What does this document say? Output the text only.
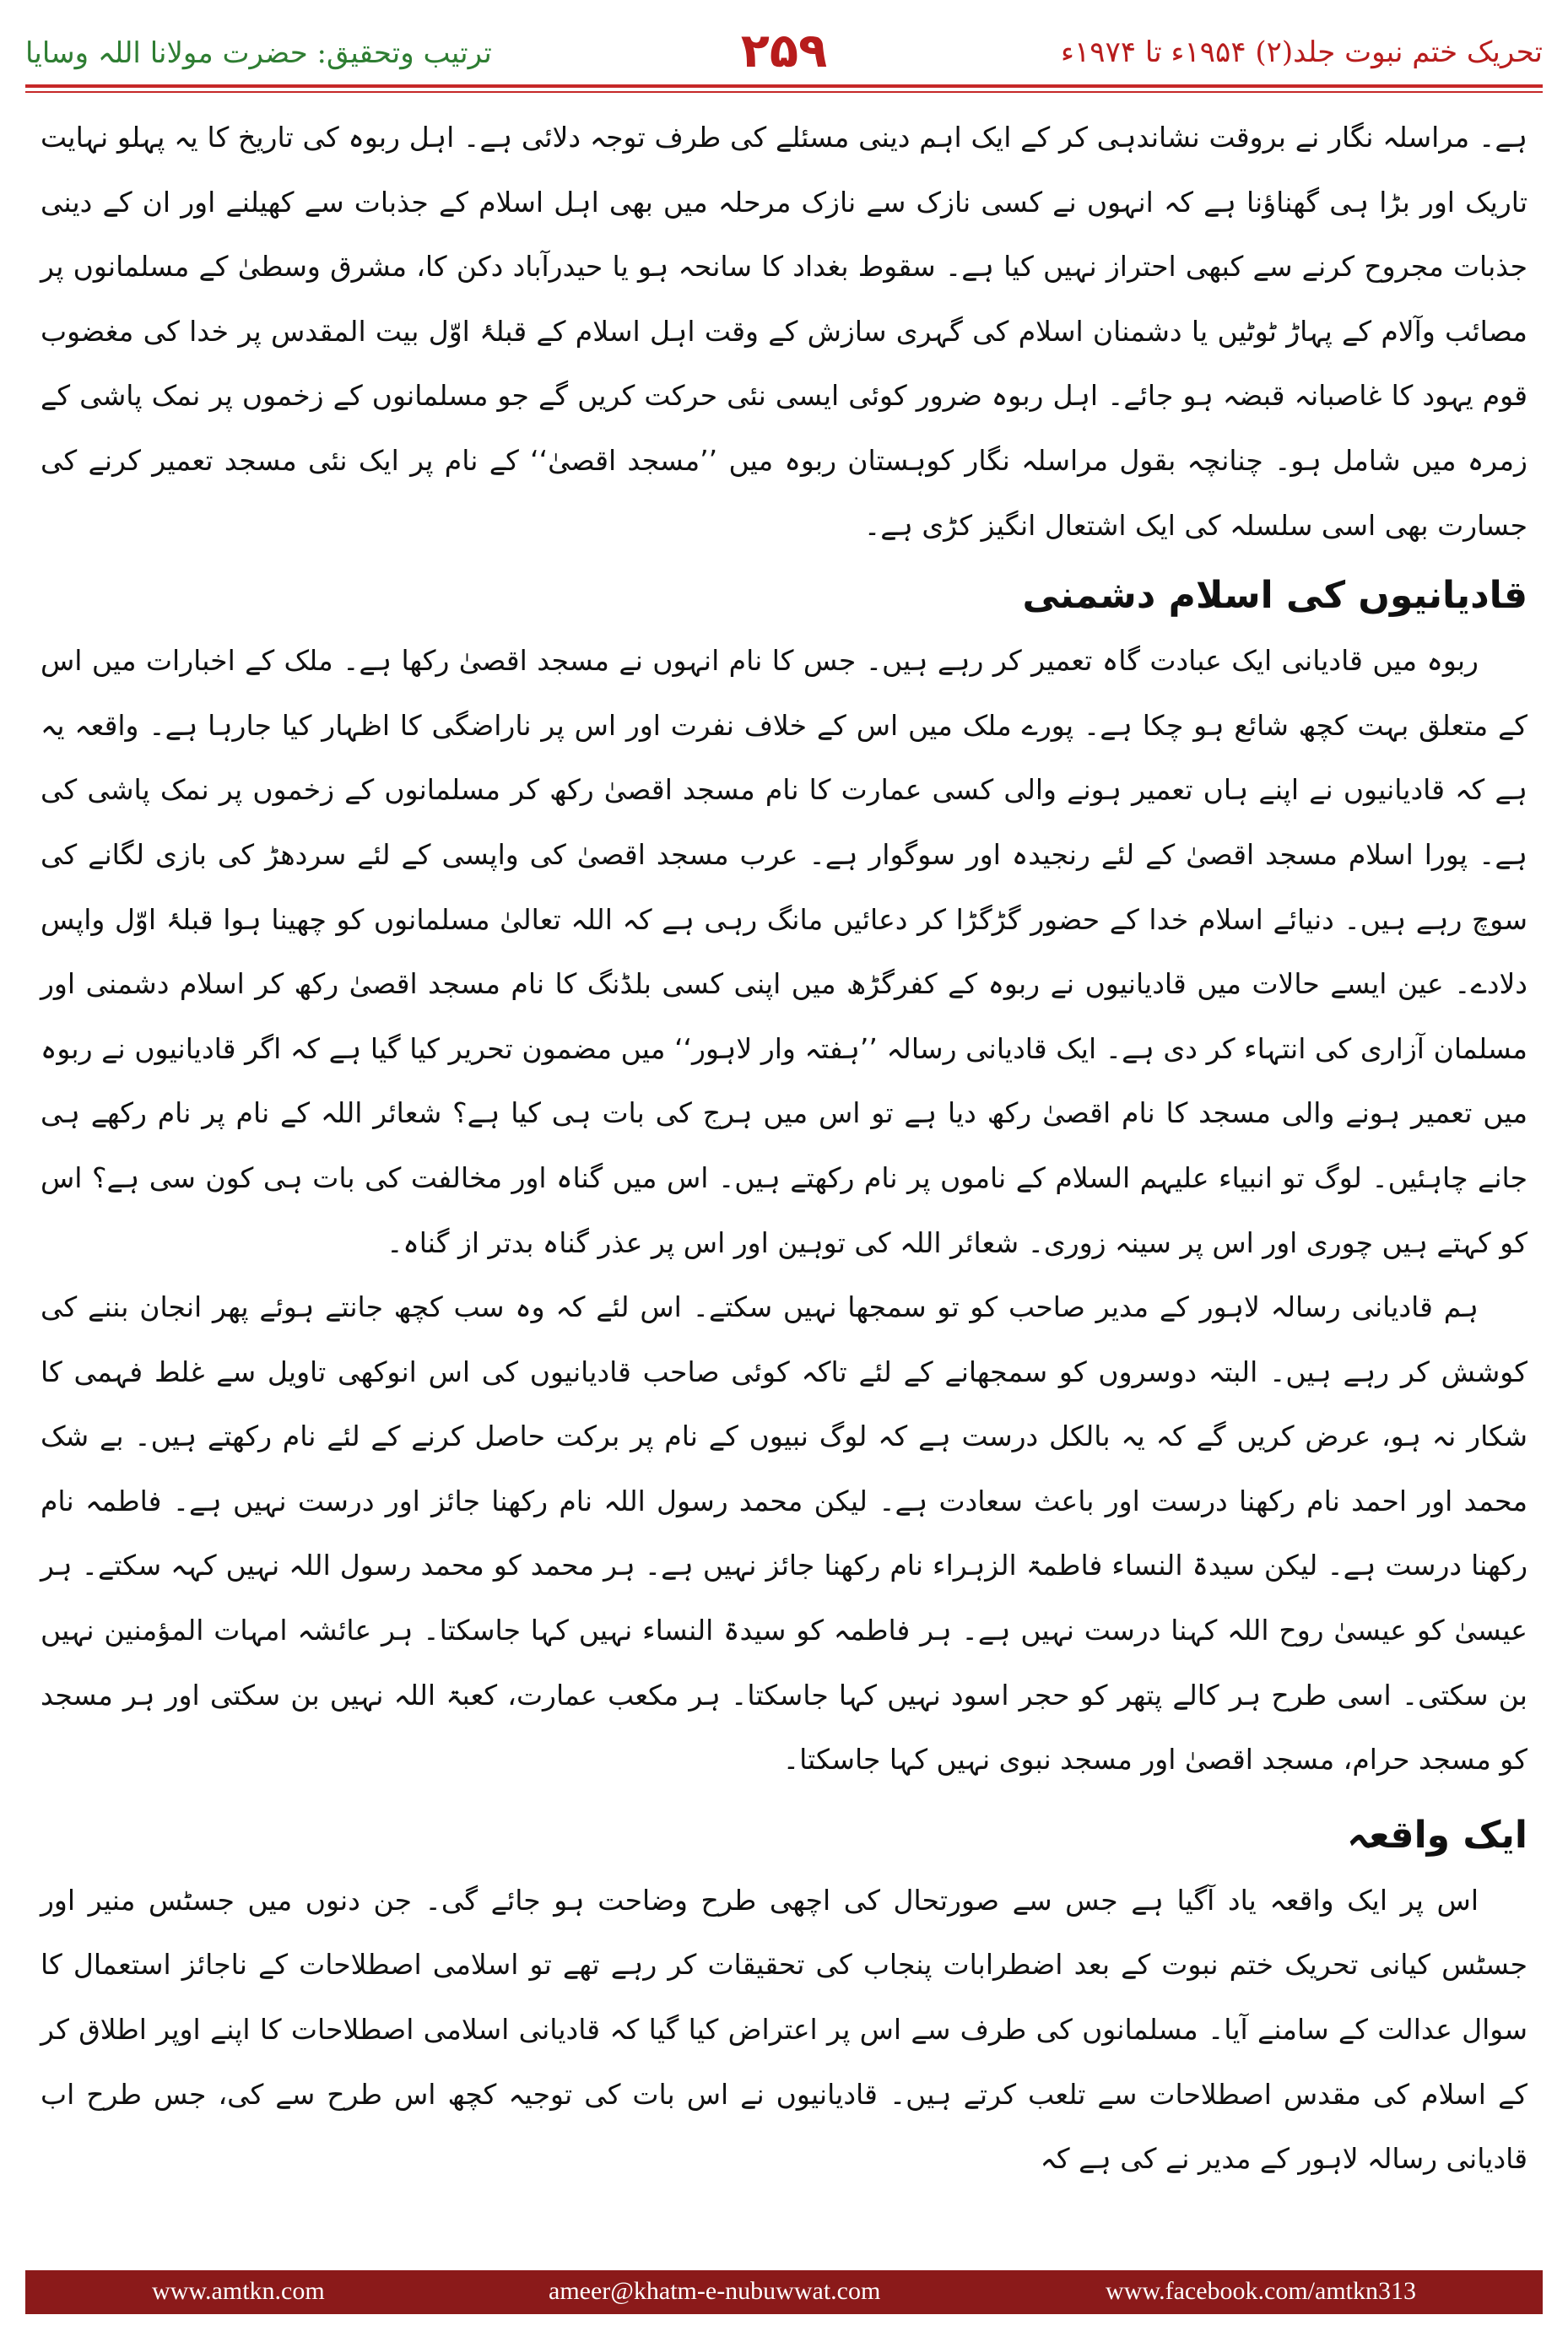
ترتیب وتحقیق: حضرت مولانا اللہ وسایا	۲۵۹	تحریک ختم نبوت جلد(۲) ۱۹۵۴ء تا ۱۹۷۴ء

ہے۔ مراسلہ نگار نے بروقت نشاندہی کر کے ایک اہم دینی مسئلے کی طرف توجہ دلائی ہے۔ اہل ربوہ کی تاریخ کا یہ پہلو نہایت تاریک اور بڑا ہی گھناؤنا ہے کہ انہوں نے کسی نازک سے نازک مرحلہ میں بھی اہل اسلام کے جذبات سے کھیلنے اور ان کے دینی جذبات مجروح کرنے سے کبھی احتراز نہیں کیا ہے۔ سقوط بغداد کا سانحہ ہو یا حیدرآباد دکن کا، مشرق وسطیٰ کے مسلمانوں پر مصائب وآلام کے پہاڑ ٹوٹیں یا دشمنان اسلام کی گہری سازش کے وقت اہل اسلام کے قبلۂ اوّل بیت المقدس پر خدا کی مغضوب قوم یہود کا غاصبانہ قبضہ ہو جائے۔ اہل ربوہ ضرور کوئی ایسی نئی حرکت کریں گے جو مسلمانوں کے زخموں پر نمک پاشی کے زمرہ میں شامل ہو۔ چنانچہ بقول مراسلہ نگار کوہستان ربوہ میں ’’مسجد اقصیٰ‘‘ کے نام پر ایک نئی مسجد تعمیر کرنے کی جسارت بھی اسی سلسلہ کی ایک اشتعال انگیز کڑی ہے۔

قادیانیوں کی اسلام دشمنی

ربوہ میں قادیانی ایک عبادت گاہ تعمیر کر رہے ہیں۔ جس کا نام انہوں نے مسجد اقصیٰ رکھا ہے۔ ملک کے اخبارات میں اس کے متعلق بہت کچھ شائع ہو چکا ہے۔ پورے ملک میں اس کے خلاف نفرت اور اس پر ناراضگی کا اظہار کیا جارہا ہے۔ واقعہ یہ ہے کہ قادیانیوں نے اپنے ہاں تعمیر ہونے والی کسی عمارت کا نام مسجد اقصیٰ رکھ کر مسلمانوں کے زخموں پر نمک پاشی کی ہے۔ پورا اسلام مسجد اقصیٰ کے لئے رنجیدہ اور سوگوار ہے۔ عرب مسجد اقصیٰ کی واپسی کے لئے سردھڑ کی بازی لگانے کی سوچ رہے ہیں۔ دنیائے اسلام خدا کے حضور گڑگڑا کر دعائیں مانگ رہی ہے کہ اللہ تعالیٰ مسلمانوں کو چھینا ہوا قبلۂ اوّل واپس دلادے۔ عین ایسے حالات میں قادیانیوں نے ربوہ کے کفرگڑھ میں اپنی کسی بلڈنگ کا نام مسجد اقصیٰ رکھ کر اسلام دشمنی اور مسلمان آزاری کی انتہاء کر دی ہے۔ ایک قادیانی رسالہ ’’ہفتہ وار لاہور‘‘ میں مضمون تحریر کیا گیا ہے کہ اگر قادیانیوں نے ربوہ میں تعمیر ہونے والی مسجد کا نام اقصیٰ رکھ دیا ہے تو اس میں ہرج کی بات ہی کیا ہے؟ شعائر اللہ کے نام پر نام رکھے ہی جانے چاہئیں۔ لوگ تو انبیاء علیہم السلام کے ناموں پر نام رکھتے ہیں۔ اس میں گناہ اور مخالفت کی بات ہی کون سی ہے؟ اس کو کہتے ہیں چوری اور اس پر سینہ زوری۔ شعائر اللہ کی توہین اور اس پر عذر گناہ بدتر از گناہ۔

ہم قادیانی رسالہ لاہور کے مدیر صاحب کو تو سمجھا نہیں سکتے۔ اس لئے کہ وہ سب کچھ جانتے ہوئے پھر انجان بننے کی کوشش کر رہے ہیں۔ البتہ دوسروں کو سمجھانے کے لئے تاکہ کوئی صاحب قادیانیوں کی اس انوکھی تاویل سے غلط فہمی کا شکار نہ ہو، عرض کریں گے کہ یہ بالکل درست ہے کہ لوگ نبیوں کے نام پر برکت حاصل کرنے کے لئے نام رکھتے ہیں۔ بے شک محمد اور احمد نام رکھنا درست اور باعث سعادت ہے۔ لیکن محمد رسول اللہ نام رکھنا جائز اور درست نہیں ہے۔ فاطمہ نام رکھنا درست ہے۔ لیکن سیدۃ النساء فاطمۃ الزہراء نام رکھنا جائز نہیں ہے۔ ہر محمد کو محمد رسول اللہ نہیں کہہ سکتے۔ ہر عیسیٰ کو عیسیٰ روح اللہ کہنا درست نہیں ہے۔ ہر فاطمہ کو سیدۃ النساء نہیں کہا جاسکتا۔ ہر عائشہ امہات المؤمنین نہیں بن سکتی۔ اسی طرح ہر کالے پتھر کو حجر اسود نہیں کہا جاسکتا۔ ہر مکعب عمارت، کعبۃ اللہ نہیں بن سکتی اور ہر مسجد کو مسجد حرام، مسجد اقصیٰ اور مسجد نبوی نہیں کہا جاسکتا۔

ایک واقعہ

اس پر ایک واقعہ یاد آگیا ہے جس سے صورتحال کی اچھی طرح وضاحت ہو جائے گی۔ جن دنوں میں جسٹس منیر اور جسٹس کیانی تحریک ختم نبوت کے بعد اضطرابات پنجاب کی تحقیقات کر رہے تھے تو اسلامی اصطلاحات کے ناجائز استعمال کا سوال عدالت کے سامنے آیا۔ مسلمانوں کی طرف سے اس پر اعتراض کیا گیا کہ قادیانی اسلامی اصطلاحات کا اپنے اوپر اطلاق کر کے اسلام کی مقدس اصطلاحات سے تلعب کرتے ہیں۔ قادیانیوں نے اس بات کی توجیہ کچھ اس طرح سے کی، جس طرح اب قادیانی رسالہ لاہور کے مدیر نے کی ہے کہ

www.amtkn.com	ameer@khatm-e-nubuwwat.com	www.facebook.com/amtkn313
